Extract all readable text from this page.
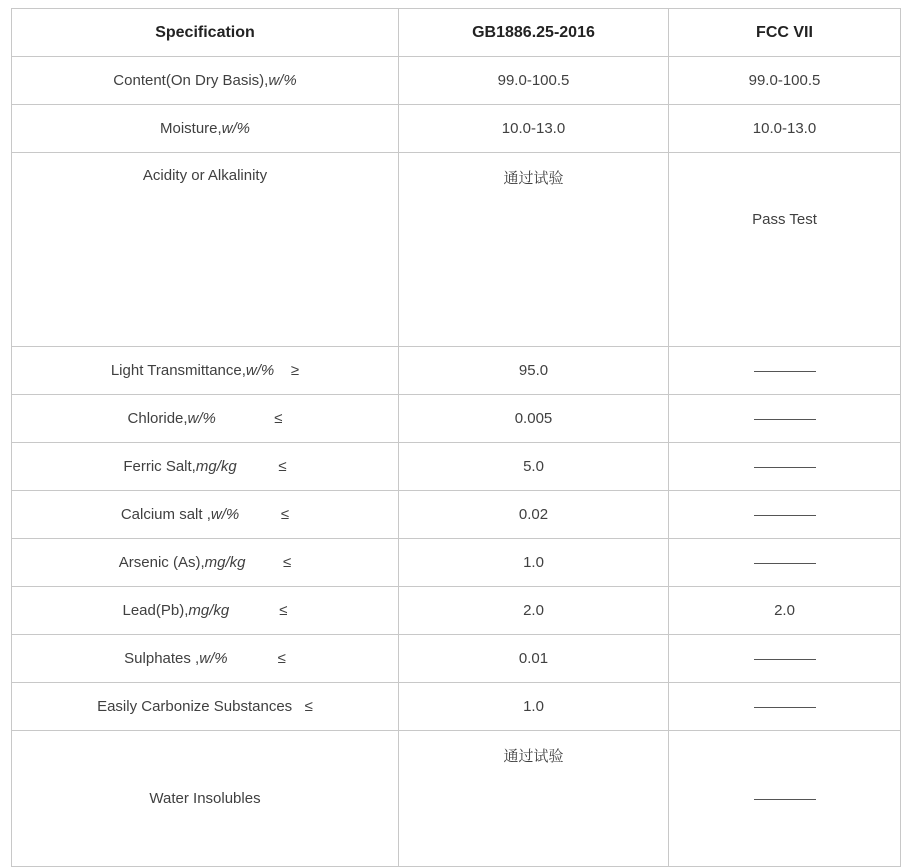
Specification	GB1886.25-2016	FCC VII
Content(On Dry Basis),w/%	99.0-100.5	99.0-100.5
Moisture,w/%	10.0-13.0	10.0-13.0
Acidity or Alkalinity	通过试验	Pass Test
Light Transmittance,w/%    ≥	95.0	
Chloride,w/%              ≤	0.005	
Ferric Salt,mg/kg          ≤	5.0	
Calcium salt ,w/%          ≤	0.02	
Arsenic (As),mg/kg         ≤	1.0	
Lead(Pb),mg/kg            ≤	2.0	2.0
Sulphates ,w/%            ≤	0.01	
Easily Carbonize Substances   ≤	1.0	
Water Insolubles	通过试验	
